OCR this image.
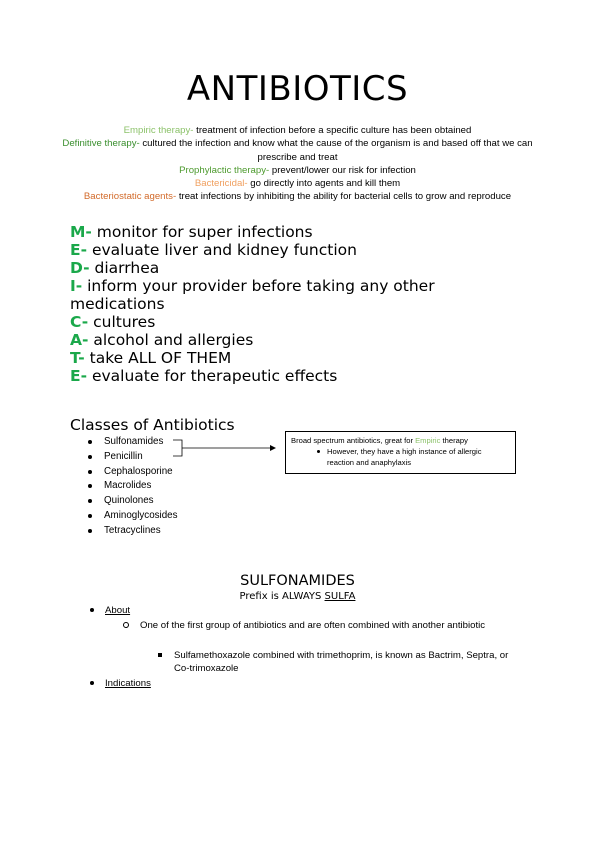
ANTIBIOTICS

Empiric therapy- treatment of infection before a specific culture has been obtained

Definitive therapy- cultured the infection and know what the cause of the organism is and based off that we can prescribe and treat

Prophylactic therapy- prevent/lower our risk for infection

Bactericidal- go directly into agents and kill them

Bacteriostatic agents- treat infections by inhibiting the ability for bacterial cells to grow and reproduce

M- monitor for super infections

E- evaluate liver and kidney function

D- diarrhea

I- inform your provider before taking any other medications

C- cultures

A- alcohol and allergies

T- take ALL OF THEM

E- evaluate for therapeutic effects

Classes of Antibiotics
Sulfonamides
Penicillin
Cephalosporine
Macrolides
Quinolones
Aminoglycosides
Tetracyclines

Broad spectrum antibiotics, great for Empiric therapy

However, they have a high instance of allergic reaction and anaphylaxis

SULFONAMIDES
Prefix is ALWAYS SULFA
About
One of the first group of antibiotics and are often combined with another antibiotic
Sulfamethoxazole combined with trimethoprim, is known as Bactrim, Septra, or Co-trimoxazole
Indications
